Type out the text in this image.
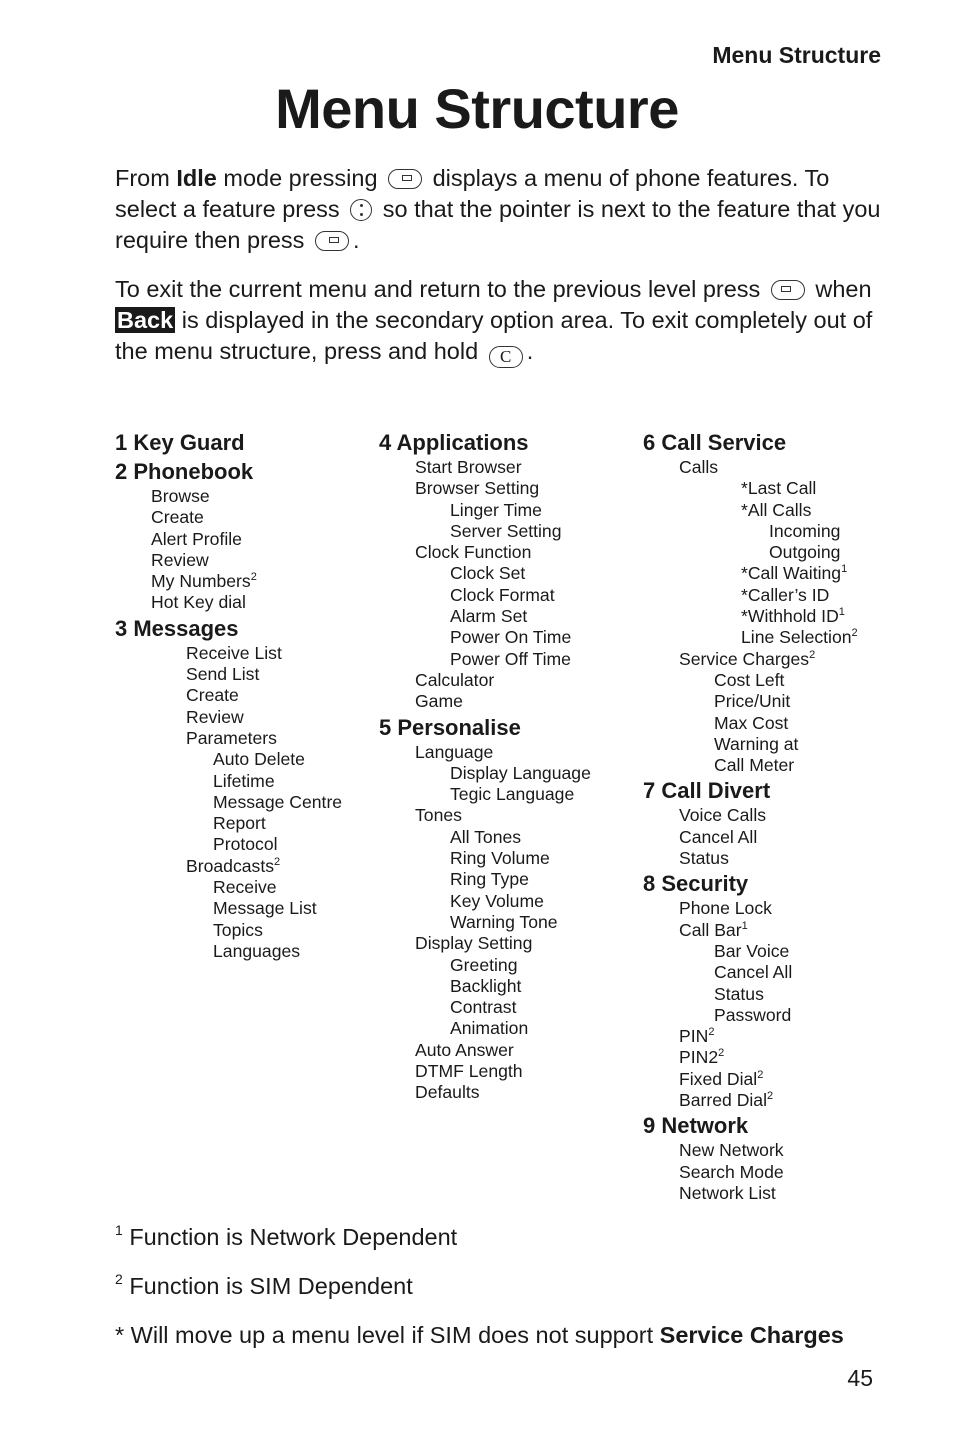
Menu Structure
Menu Structure

From Idle mode pressing
displays a menu of phone features. To select a feature press
so that the pointer is next to the feature that you require then press
.

To exit the current menu and return to the previous level press
when Back is displayed in the secondary option area. To exit completely out of the menu structure, press and hold C .

1 Key Guard
2 Phonebook
Browse
Create
Alert Profile
Review
My Numbers$^2$
Hot Key dial
3 Messages
Receive List
Send List
Create
Review
Parameters
Auto Delete
Lifetime
Message Centre
Report
Protocol
Broadcasts$^2$
Receive
Message List
Topics
Languages
4 Applications
Start Browser
Browser Setting
Linger Time
Server Setting
Clock Function
Clock Set
Clock Format
Alarm Set
Power On Time
Power Off Time
Calculator
Game
5 Personalise
Language
Display Language
Tegic Language
Tones
All Tones
Ring Volume
Ring Type
Key Volume
Warning Tone
Display Setting
Greeting
Backlight
Contrast
Animation
Auto Answer
DTMF Length
Defaults
6 Call Service
Calls
*Last Call
*All Calls
Incoming
Outgoing
*Call Waiting$^1$
*Caller’s ID
*Withhold $ID^1$
Line Selection$^2$
Service Charges$^2$
Cost Left
Price/Unit
Max Cost
Warning at
Call Meter
7 Call Divert
Voice Calls
Cancel All
Status
8 Security
Phone Lock
Call Bar$^1$
Bar Voice
Cancel All
Status
Password
PIN$^2$
$PIN2^2$
Fixed Dial$^2$
Barred Dial$^2$
9 Network
New Network
Search Mode
Network List
$^1$ Function is Network Dependent
$^2$ Function is SIM Dependent
* Will move up a menu level if SIM does not support Service Charges
45
